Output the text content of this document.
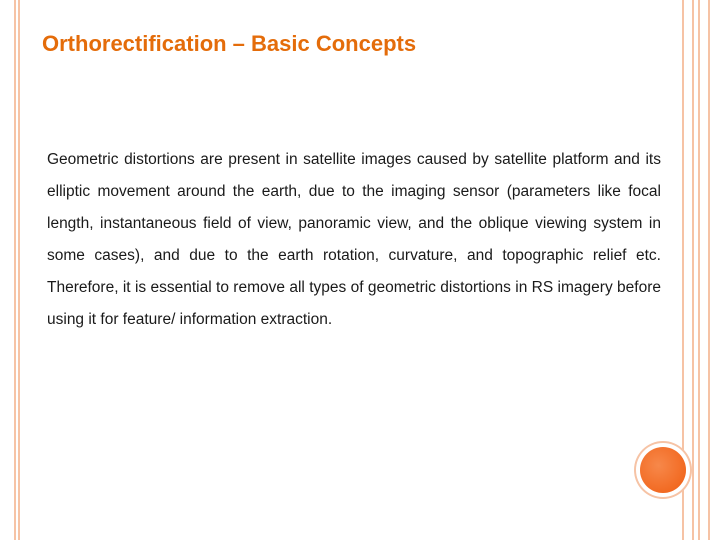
Orthorectification – Basic Concepts

Geometric distortions are present in satellite images caused by satellite platform and its elliptic movement around the earth, due to the imaging sensor (parameters like focal length, instantaneous field of view, panoramic view, and the oblique viewing system in some cases), and due to the earth rotation, curvature, and topographic relief etc. Therefore, it is essential to remove all types of geometric distortions in RS imagery before using it for feature/ information extraction.
